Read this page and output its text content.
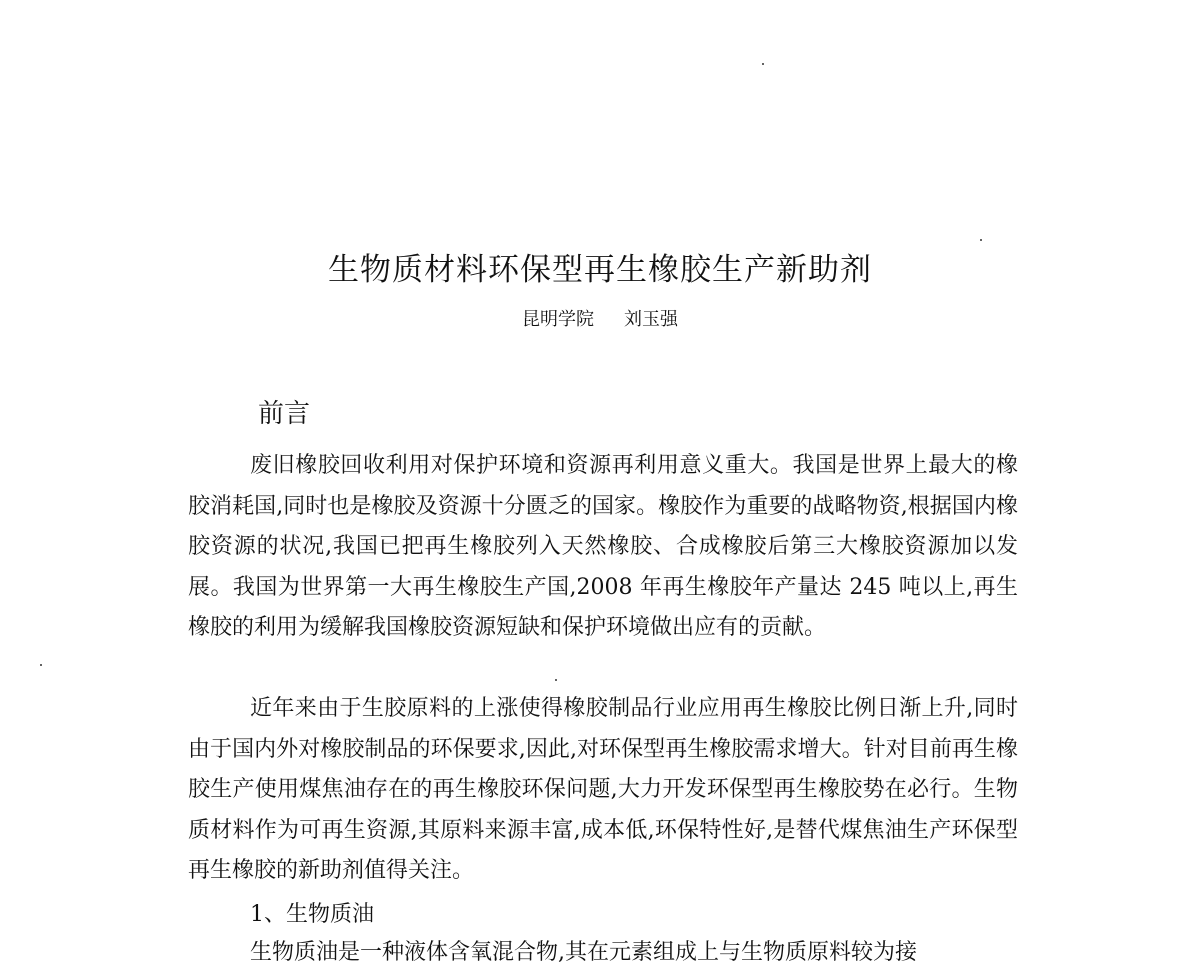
生物质材料环保型再生橡胶生产新助剂
昆明学院 刘玉强
前言

废旧橡胶回收利用对保护环境和资源再利用意义重大。我国是世界上最大的橡胶消耗国,同时也是橡胶及资源十分匮乏的国家。橡胶作为重要的战略物资,根据国内橡胶资源的状况,我国已把再生橡胶列入天然橡胶、合成橡胶后第三大橡胶资源加以发展。我国为世界第一大再生橡胶生产国,2008 年再生橡胶年产量达 245 吨以上,再生橡胶的利用为缓解我国橡胶资源短缺和保护环境做出应有的贡献。

近年来由于生胶原料的上涨使得橡胶制品行业应用再生橡胶比例日渐上升,同时由于国内外对橡胶制品的环保要求,因此,对环保型再生橡胶需求增大。针对目前再生橡胶生产使用煤焦油存在的再生橡胶环保问题,大力开发环保型再生橡胶势在必行。生物质材料作为可再生资源,其原料来源丰富,成本低,环保特性好,是替代煤焦油生产环保型再生橡胶的新助剂值得关注。

1、生物质油
生物质油是一种液体含氧混合物,其在元素组成上与生物质原料较为接
